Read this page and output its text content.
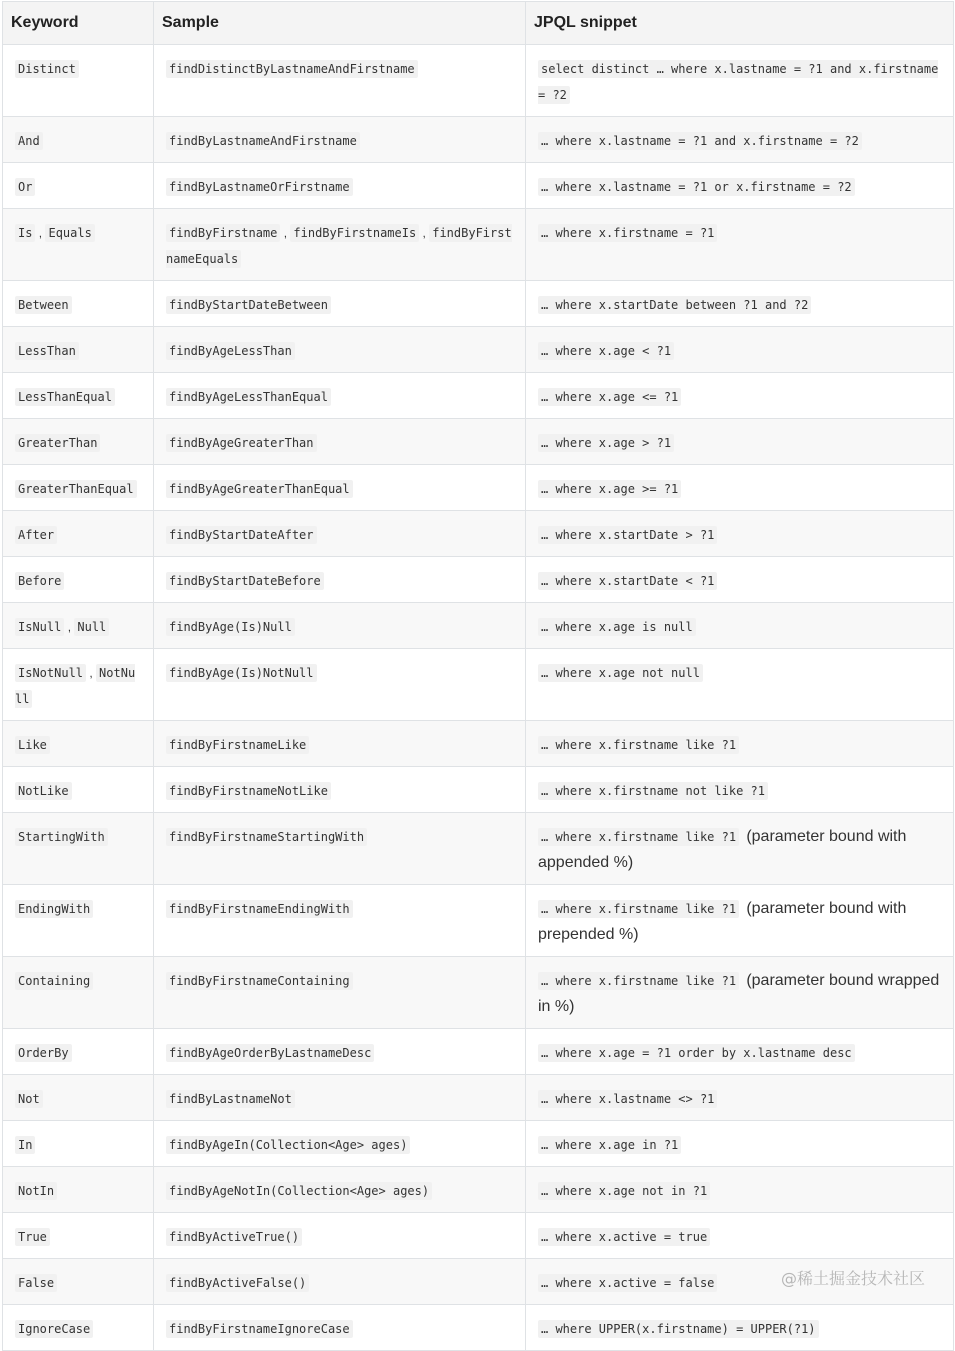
Keyword	Sample	JPQL snippet
Distinct	findDistinctByLastnameAndFirstname	select distinct … where x.lastname = ?1 and x.firstname = ?2
And	findByLastnameAndFirstname	… where x.lastname = ?1 and x.firstname = ?2
Or	findByLastnameOrFirstname	… where x.lastname = ?1 or x.firstname = ?2
Is , Equals	findByFirstname , findByFirstnameIs , findByFirstnameEquals	… where x.firstname = ?1
Between	findByStartDateBetween	… where x.startDate between ?1 and ?2
LessThan	findByAgeLessThan	… where x.age < ?1
LessThanEqual	findByAgeLessThanEqual	… where x.age <= ?1
GreaterThan	findByAgeGreaterThan	… where x.age > ?1
GreaterThanEqual	findByAgeGreaterThanEqual	… where x.age >= ?1
After	findByStartDateAfter	… where x.startDate > ?1
Before	findByStartDateBefore	… where x.startDate < ?1
IsNull , Null	findByAge(Is)Null	… where x.age is null
IsNotNull , NotNull	findByAge(Is)NotNull	… where x.age not null
Like	findByFirstnameLike	… where x.firstname like ?1
NotLike	findByFirstnameNotLike	… where x.firstname not like ?1
StartingWith	findByFirstnameStartingWith	… where x.firstname like ?1 (parameter bound with appended %)
EndingWith	findByFirstnameEndingWith	… where x.firstname like ?1 (parameter bound with prepended %)
Containing	findByFirstnameContaining	… where x.firstname like ?1 (parameter bound wrapped in %)
OrderBy	findByAgeOrderByLastnameDesc	… where x.age = ?1 order by x.lastname desc
Not	findByLastnameNot	… where x.lastname <> ?1
In	findByAgeIn(Collection<Age> ages)	… where x.age in ?1
NotIn	findByAgeNotIn(Collection<Age> ages)	… where x.age not in ?1
True	findByActiveTrue()	… where x.active = true
False	findByActiveFalse()	… where x.active = false
IgnoreCase	findByFirstnameIgnoreCase	… where UPPER(x.firstname) = UPPER(?1)
@稀土掘金技术社区
